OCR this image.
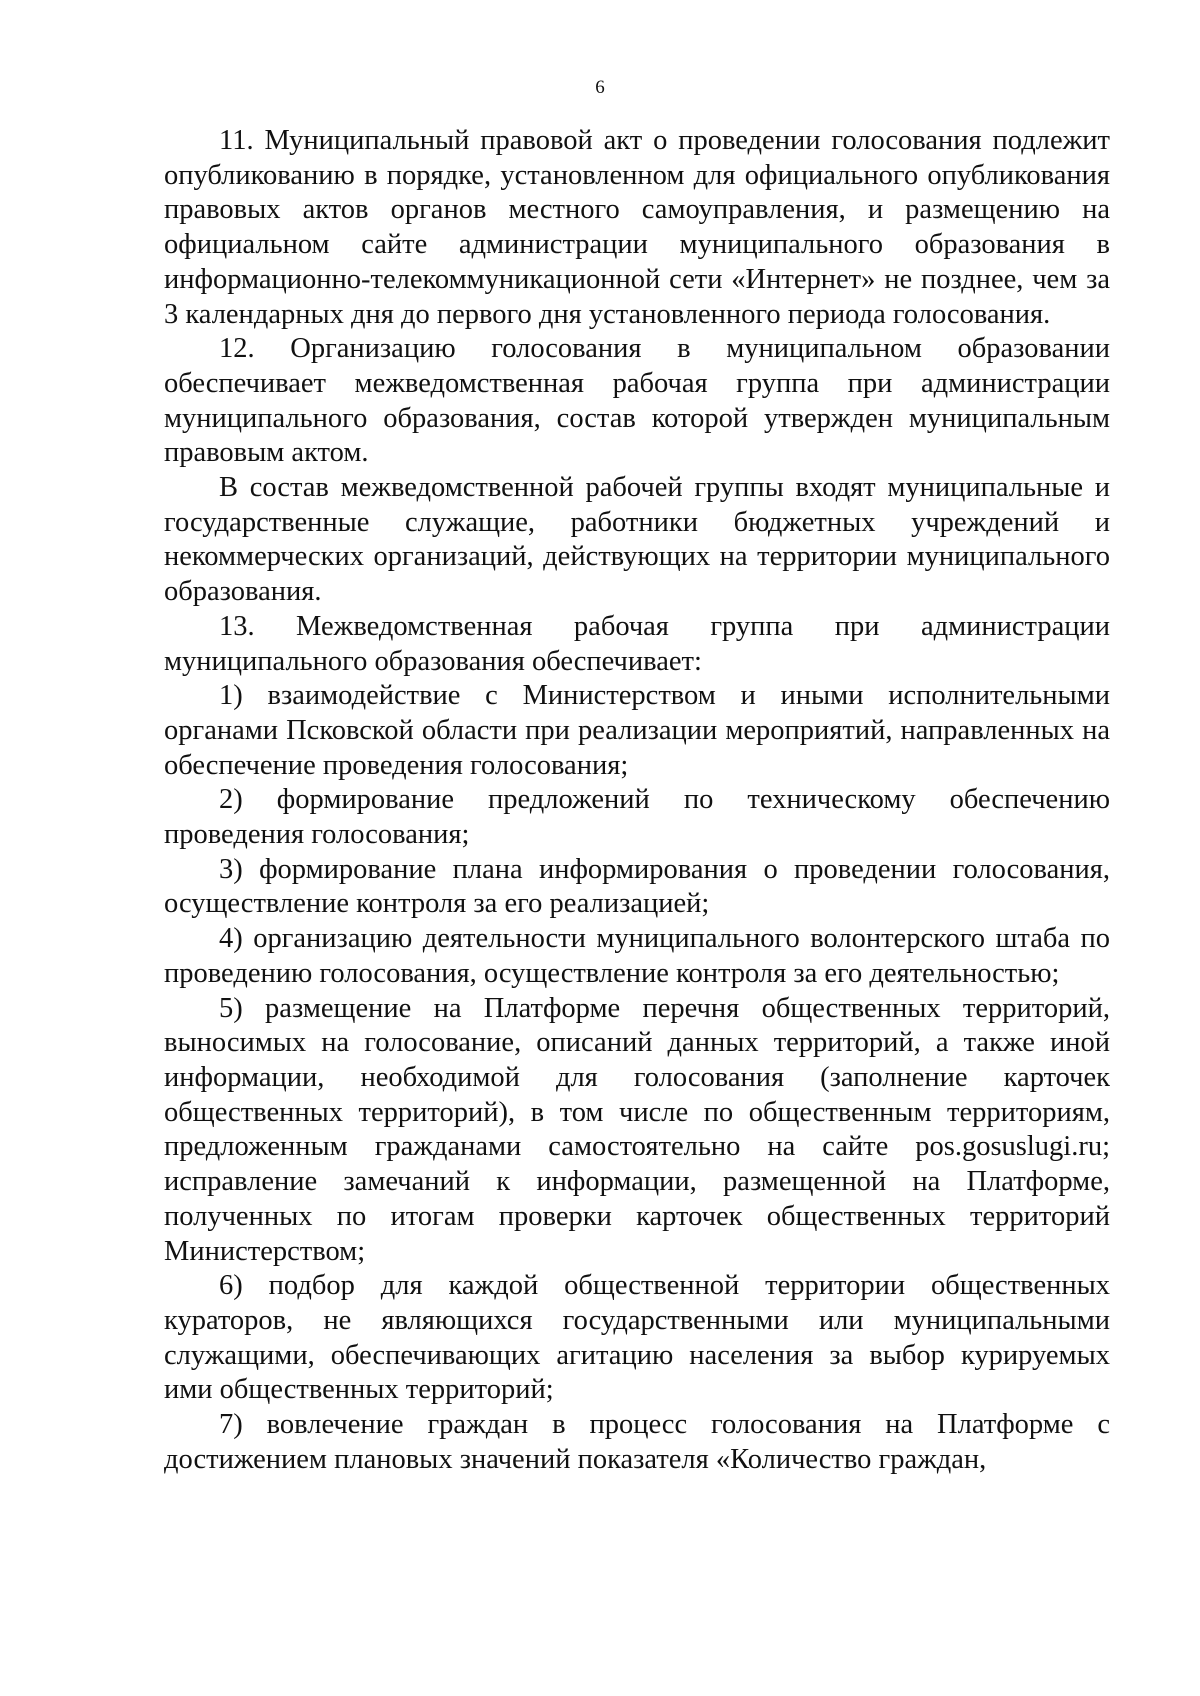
6

11. Муниципальный правовой акт о проведении голосования подлежит опубликованию в порядке, установленном для официального опубликования правовых актов органов местного самоуправления, и размещению на официальном сайте администрации муниципального образования в информационно-телекоммуникационной сети «Интернет» не позднее, чем за 3 календарных дня до первого дня установленного периода голосования.

12. Организацию голосования в муниципальном образовании обеспечивает межведомственная рабочая группа при администрации муниципального образования, состав которой утвержден муниципальным правовым актом.

В состав межведомственной рабочей группы входят муниципальные и государственные служащие, работники бюджетных учреждений и некоммерческих организаций, действующих на территории муниципального образования.

13. Межведомственная рабочая группа при администрации муниципального образования обеспечивает:

1) взаимодействие с Министерством и иными исполнительными органами Псковской области при реализации мероприятий, направленных на обеспечение проведения голосования;

2) формирование предложений по техническому обеспечению проведения голосования;

3) формирование плана информирования о проведении голосования, осуществление контроля за его реализацией;

4) организацию деятельности муниципального волонтерского штаба по проведению голосования, осуществление контроля за его деятельностью;

5) размещение на Платформе перечня общественных территорий, выносимых на голосование, описаний данных территорий, а также иной информации, необходимой для голосования (заполнение карточек общественных территорий), в том числе по общественным территориям, предложенным гражданами самостоятельно на сайте pos.gosuslugi.ru; исправление замечаний к информации, размещенной на Платформе, полученных по итогам проверки карточек общественных территорий Министерством;

6) подбор для каждой общественной территории общественных кураторов, не являющихся государственными или муниципальными служащими, обеспечивающих агитацию населения за выбор курируемых ими общественных территорий;

7) вовлечение граждан в процесс голосования на Платформе с достижением плановых значений показателя «Количество граждан,
